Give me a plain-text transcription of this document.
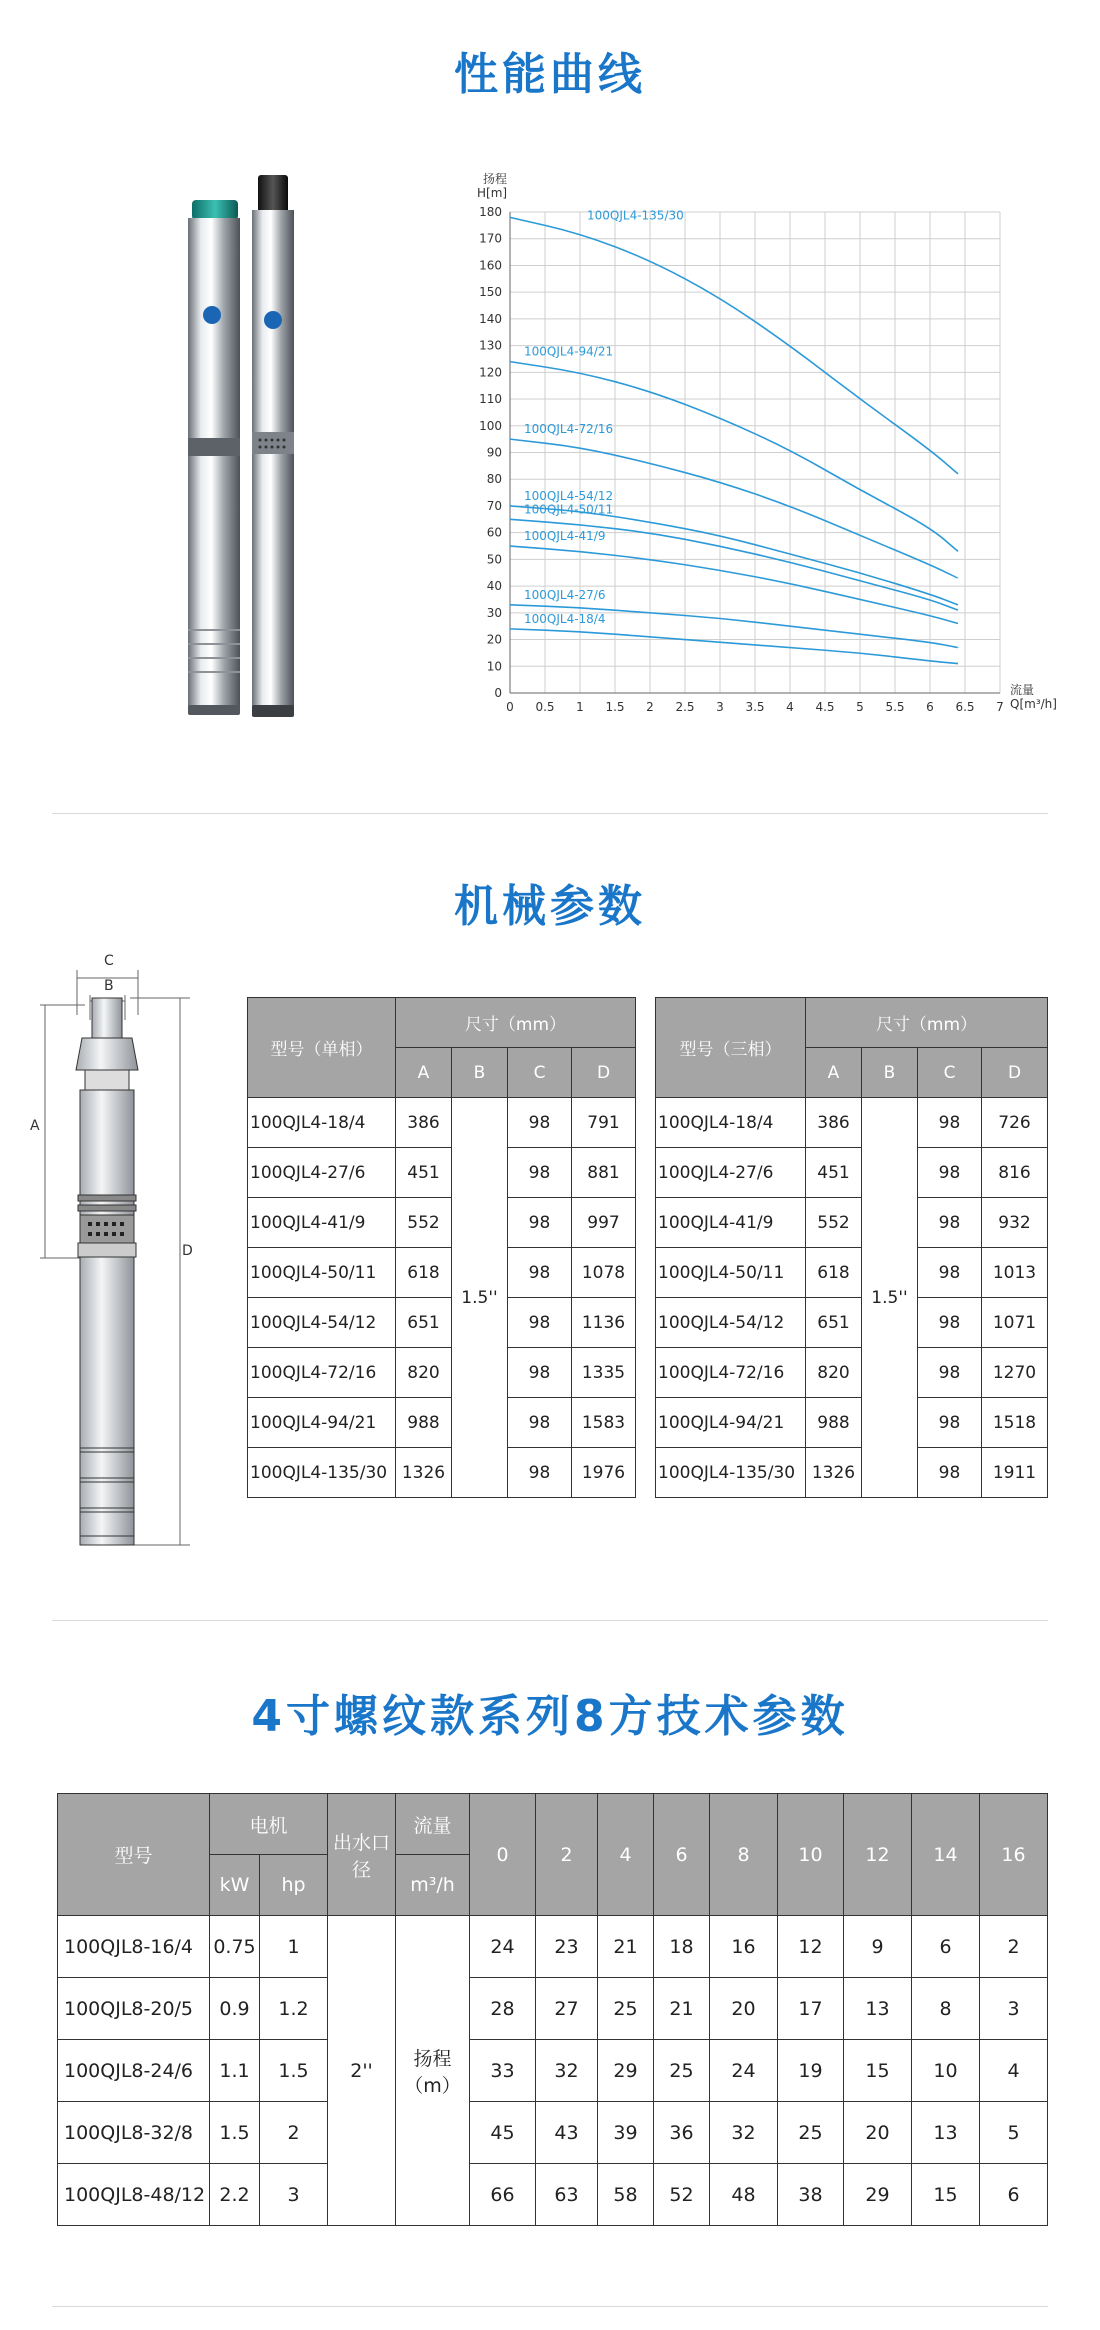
性能曲线
扬程
H[m]
流量
Q[m³/h]
0 0.5 1 1.5 2 2.5 3 3.5 4 4.5 5 5.5 6 6.5 7
0
10
20
30
40
50
60
70
80
90
100
110
120
130
140
150
160
170
180	100QJL4-135/30
100QJL4-94/21
100QJL4-72/16
100QJL4-54/12
100QJL4-50/11
100QJL4-41/9
100QJL4-27/6
100QJL4-18/4
机械参数
C
B
A
D
型号（单相）	尺寸（mm）			
	A	B	C	D
100QJL4-18/4	386	1.5''	98	791
100QJL4-27/6	451		98	881
100QJL4-41/9	552		98	997
100QJL4-50/11	618		98	1078
100QJL4-54/12	651		98	1136
100QJL4-72/16	820		98	1335
100QJL4-94/21	988		98	1583
100QJL4-135/30	1326		98	1976
型号（三相）	尺寸（mm）			
	A	B	C	D
100QJL4-18/4	386	1.5''	98	726
100QJL4-27/6	451		98	816
100QJL4-41/9	552		98	932
100QJL4-50/11	618		98	1013
100QJL4-54/12	651		98	1071
100QJL4-72/16	820		98	1270
100QJL4-94/21	988		98	1518
100QJL4-135/30	1326		98	1911
4寸螺纹款系列8方技术参数
型号	电机		出水口径	流量	0	2	4	6	8	10	12	14	16
	kW	hp		m³/h									
100QJL8-16/4	0.75	1	2''	扬程（m）	24	23	21	18	16	12	9	6	2
100QJL8-20/5	0.9	1.2			28	27	25	21	20	17	13	8	3
100QJL8-24/6	1.1	1.5			33	32	29	25	24	19	15	10	4
100QJL8-32/8	1.5	2			45	43	39	36	32	25	20	13	5
100QJL8-48/12	2.2	3			66	63	58	52	48	38	29	15	6
